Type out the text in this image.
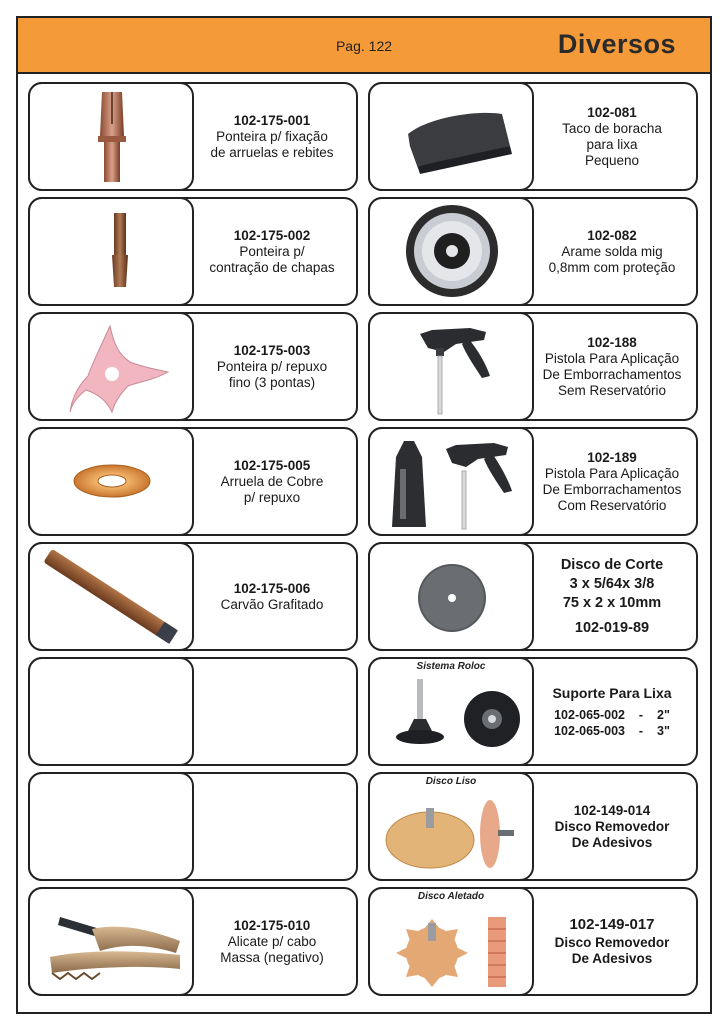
Pag. 122	Diversos
102-175-001
Ponteira p/ fixação
de arruelas e rebites
102-175-002
Ponteira p/
contração de chapas
102-175-003
Ponteira p/ repuxo
fino (3 pontas)
102-175-005
Arruela de Cobre
p/ repuxo
102-175-006
Carvão Grafitado
102-175-010
Alicate p/ cabo
Massa (negativo)
102-081
Taco de boracha
para lixa
Pequeno
102-082
Arame solda mig
0,8mm com proteção
102-188
Pistola Para Aplicação
De Emborrachamentos
Sem Reservatório
102-189
Pistola Para Aplicação
De Emborrachamentos
Com Reservatório
Disco de Corte
3 x 5/64x 3/8
75 x 2 x 10mm
102-019-89
Sistema Roloc
Suporte Para Lixa
102-065-002 - 2"
102-065-003 - 3"
Disco Liso
102-149-014
Disco Removedor
De Adesivos
Disco Aletado
102-149-017
Disco Removedor
De Adesivos
